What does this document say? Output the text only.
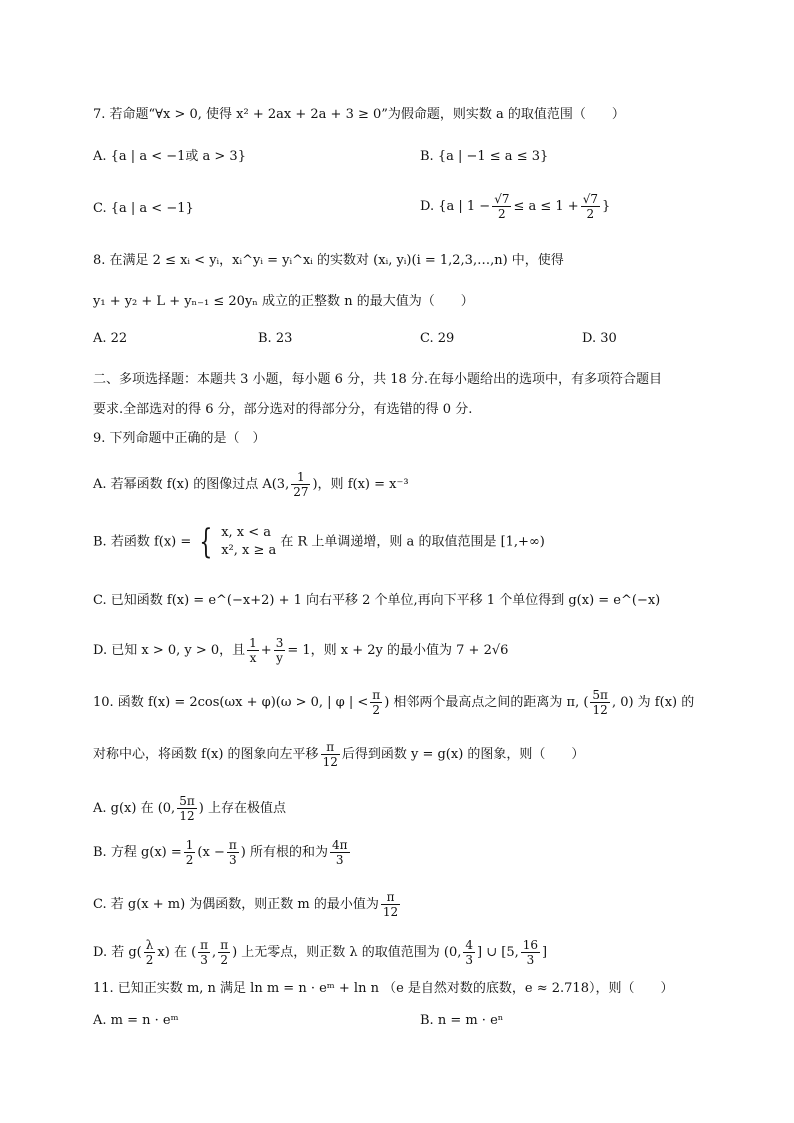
7. 若命题“∀x > 0, 使得 x² + 2ax + 2a + 3 ≥ 0”为假命题，则实数 a 的取值范围（　　）
A. {a | a < −1或 a > 3}	B. {a | −1 ≤ a ≤ 3}
C. {a | a < −1}	D. {a | $1 - \frac{√7}{2} \le a \le 1 + \frac{√7}{2}$ }
8. 在满足 2 ≤ xᵢ < yᵢ，xᵢ^yᵢ = yᵢ^xᵢ 的实数对 (xᵢ, yᵢ)(i = 1,2,3,…,n) 中，使得
y₁ + y₂ + L + yₙ₋₁ ≤ 20yₙ 成立的正整数 n 的最大值为（　　）
A. 22	B. 23	C. 29	D. 30
二、多项选择题：本题共 3 小题，每小题 6 分，共 18 分.在每小题给出的选项中，有多项符合题目
要求.全部选对的得 6 分，部分选对的得部分分，有选错的得 0 分.
9. 下列命题中正确的是（　）
A. 若幂函数 f(x) 的图像过点 A(3, $\frac{1}{27}$ )，则 f(x) = x⁻³
B. 若函数 f(x) = { x, x < a
x², x ≥ a
在 R 上单调递增，则 a 的取值范围是 [1,+∞)
C. 已知函数 f(x) = e^(−x+2) + 1 向右平移 2 个单位,再向下平移 1 个单位得到 g(x) = e^(−x)
D. 已知 x > 0, y > 0，且 $\frac{1}{x} + \frac{3}{y} = 1$，则 x + 2y 的最小值为 7 + 2√6
10. 函数 f(x) = 2cos(ωx + φ)(ω > 0, | φ | < $\frac{\pi}{2}$ ) 相邻两个最高点之间的距离为 π, ( $\frac{5\pi}{12}$ , 0) 为 f(x) 的
对称中心，将函数 f(x) 的图象向左平移 $\frac{\pi}{12}$ 后得到函数 y = g(x) 的图象，则（　　）
A. g(x) 在 (0, $\frac{5\pi}{12}$ ) 上存在极值点
B. 方程 $g(x) = \frac{1}{2} (x - \frac{\pi}{3}$ ) 所有根的和为 $\frac{4\pi}{3}$
C. 若 g(x + m) 为偶函数，则正数 m 的最小值为 $\frac{\pi}{12}$
D. 若 $g( \frac{\lambda}{2} x)$ 在 ( $\frac{\pi}{3}$ , $\frac{\pi}{2}$ ) 上无零点，则正数 λ 的取值范围为 (0, $\frac{4}{3}$ ] ∪ [5, $\frac{16}{3}$ ]
11. 已知正实数 m, n 满足 ln m = n · eᵐ + ln n （e 是自然对数的底数，e ≈ 2.718），则（　　）
A. m = n · eᵐ	B. n = m · eⁿ
